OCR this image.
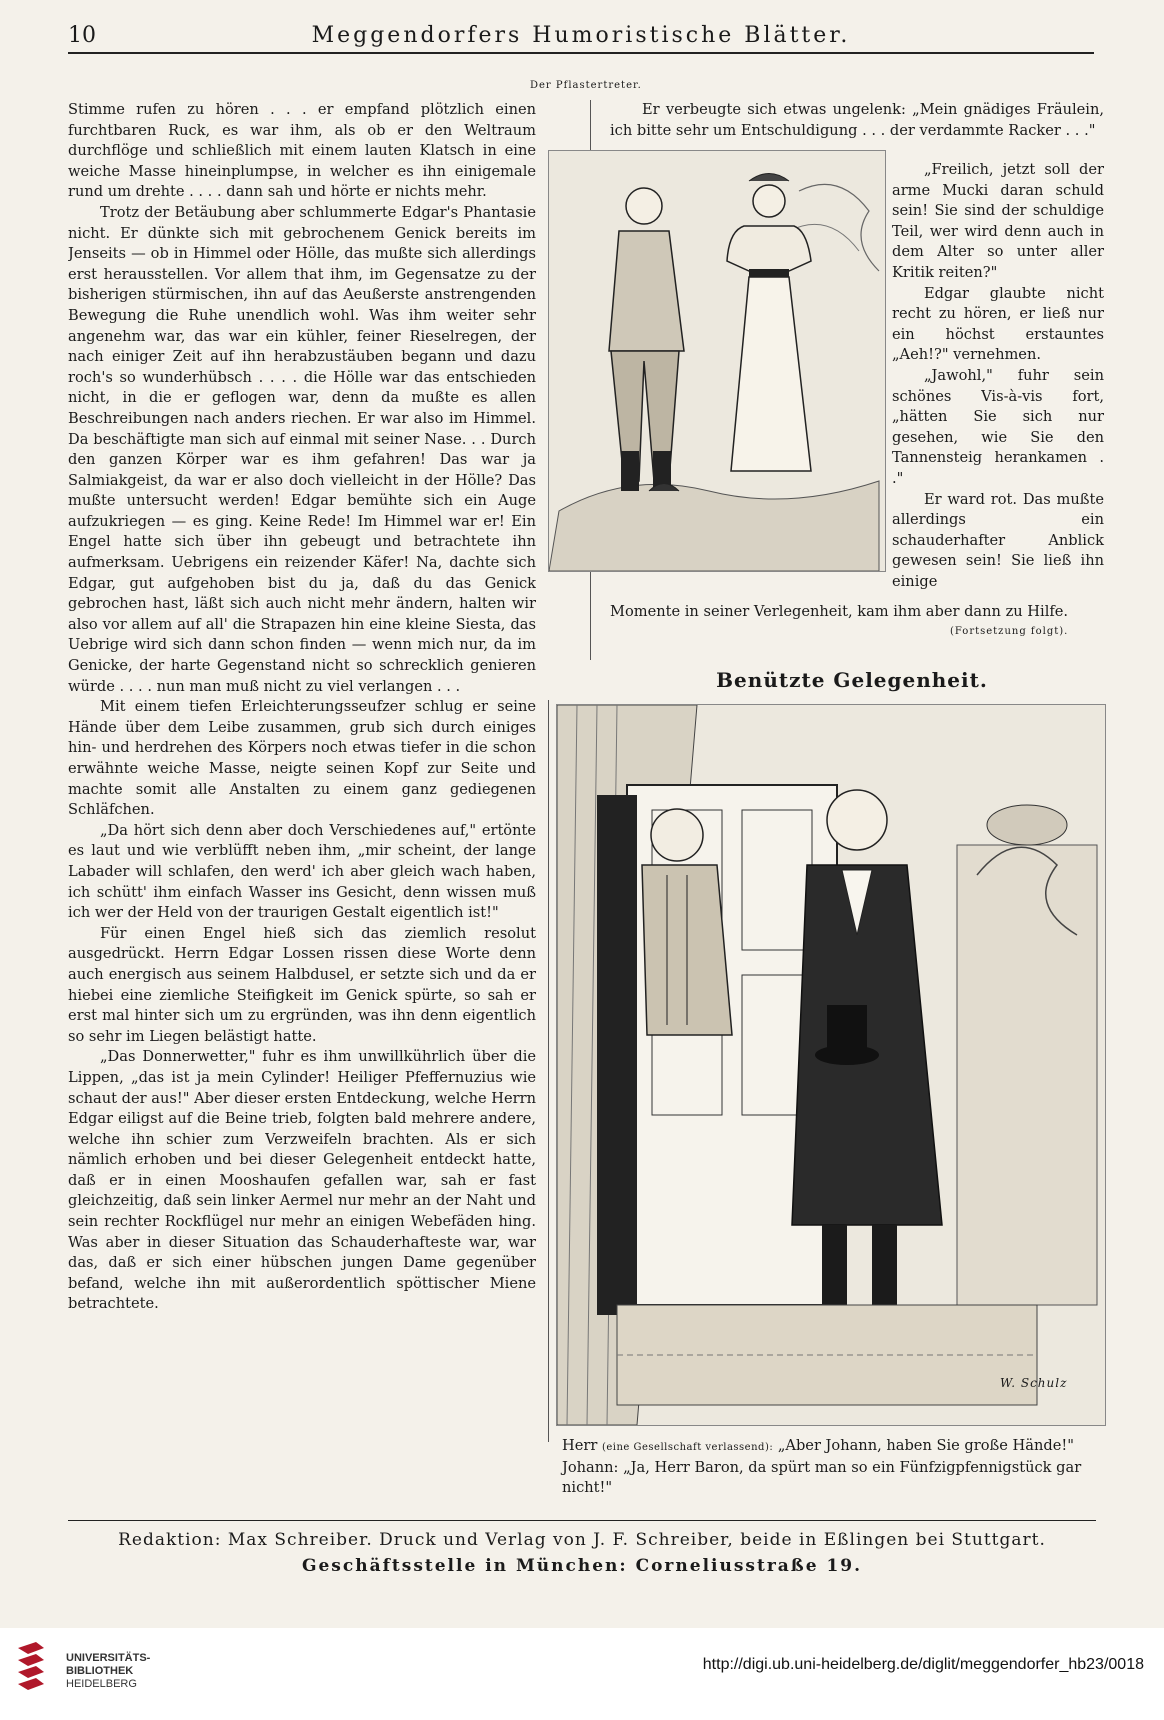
10	Meggendorfers Humoristische Blätter.
Der Pflastertreter.

Stimme rufen zu hören . . . er empfand plötzlich einen furchtbaren Ruck, es war ihm, als ob er den Weltraum durchflöge und schließlich mit einem lauten Klatsch in eine weiche Masse hineinplumpse, in welcher es ihn einigemale rund um drehte . . . . dann sah und hörte er nichts mehr.

Trotz der Betäubung aber schlummerte Edgar's Phantasie nicht. Er dünkte sich mit gebrochenem Genick bereits im Jenseits — ob in Himmel oder Hölle, das mußte sich allerdings erst herausstellen. Vor allem that ihm, im Gegensatze zu der bisherigen stürmischen, ihn auf das Aeußerste anstrengenden Bewegung die Ruhe unendlich wohl. Was ihm weiter sehr angenehm war, das war ein kühler, feiner Rieselregen, der nach einiger Zeit auf ihn herabzustäuben begann und dazu roch's so wunderhübsch . . . . die Hölle war das entschieden nicht, in die er geflogen war, denn da mußte es allen Beschreibungen nach anders riechen. Er war also im Himmel. Da beschäftigte man sich auf einmal mit seiner Nase. . . Durch den ganzen Körper war es ihm gefahren! Das war ja Salmiakgeist, da war er also doch vielleicht in der Hölle? Das mußte untersucht werden! Edgar bemühte sich ein Auge aufzukriegen — es ging. Keine Rede! Im Himmel war er! Ein Engel hatte sich über ihn gebeugt und betrachtete ihn aufmerksam. Uebrigens ein reizender Käfer! Na, dachte sich Edgar, gut aufgehoben bist du ja, daß du das Genick gebrochen hast, läßt sich auch nicht mehr ändern, halten wir also vor allem auf all' die Strapazen hin eine kleine Siesta, das Uebrige wird sich dann schon finden — wenn mich nur, da im Genicke, der harte Gegenstand nicht so schrecklich genieren würde . . . . nun man muß nicht zu viel verlangen . . .

Mit einem tiefen Erleichterungsseufzer schlug er seine Hände über dem Leibe zusammen, grub sich durch einiges hin- und herdrehen des Körpers noch etwas tiefer in die schon erwähnte weiche Masse, neigte seinen Kopf zur Seite und machte somit alle Anstalten zu einem ganz gediegenen Schläfchen.

„Da hört sich denn aber doch Verschiedenes auf," ertönte es laut und wie verblüfft neben ihm, „mir scheint, der lange Labader will schlafen, den werd' ich aber gleich wach haben, ich schütt' ihm einfach Wasser ins Gesicht, denn wissen muß ich wer der Held von der traurigen Gestalt eigentlich ist!"

Für einen Engel hieß sich das ziemlich resolut ausgedrückt. Herrn Edgar Lossen rissen diese Worte denn auch energisch aus seinem Halbdusel, er setzte sich und da er hiebei eine ziemliche Steifigkeit im Genick spürte, so sah er erst mal hinter sich um zu ergründen, was ihn denn eigentlich so sehr im Liegen belästigt hatte.

„Das Donnerwetter," fuhr es ihm unwillkührlich über die Lippen, „das ist ja mein Cylinder! Heiliger Pfeffernuzius wie schaut der aus!" Aber dieser ersten Entdeckung, welche Herrn Edgar eiligst auf die Beine trieb, folgten bald mehrere andere, welche ihn schier zum Verzweifeln brachten. Als er sich nämlich erhoben und bei dieser Gelegenheit entdeckt hatte, daß er in einen Mooshaufen gefallen war, sah er fast gleichzeitig, daß sein linker Aermel nur mehr an der Naht und sein rechter Rockflügel nur mehr an einigen Webefäden hing. Was aber in dieser Situation das Schauderhafteste war, war das, daß er sich einer hübschen jungen Dame gegenüber befand, welche ihn mit außerordentlich spöttischer Miene betrachtete.

Er verbeugte sich etwas ungelenk: „Mein gnädiges Fräulein, ich bitte sehr um Entschuldigung . . . der verdammte Racker . . ."

„Freilich, jetzt soll der arme Mucki daran schuld sein! Sie sind der schuldige Teil, wer wird denn auch in dem Alter so unter aller Kritik reiten?"

Edgar glaubte nicht recht zu hören, er ließ nur ein höchst erstauntes „Aeh!?" vernehmen.

„Jawohl," fuhr sein schönes Vis-à-vis fort, „hätten Sie sich nur gesehen, wie Sie den Tannensteig herankamen . ."

Er ward rot. Das mußte allerdings ein schauderhafter Anblick gewesen sein! Sie ließ ihn einige

Momente in seiner Verlegenheit, kam ihm aber dann zu Hilfe.

(Fortsetzung folgt).
Benützte Gelegenheit.
W. Schulz
Herr (eine Gesellschaft verlassend): „Aber Johann, haben Sie große Hände!"
Johann: „Ja, Herr Baron, da spürt man so ein Fünfzigpfennigstück gar nicht!"
Redaktion: Max Schreiber. Druck und Verlag von J. F. Schreiber, beide in Eßlingen bei Stuttgart.
Geschäftsstelle in München: Corneliusstraße 19.
UNIVERSITÄTS-
BIBLIOTHEK
HEIDELBERG
http://digi.ub.uni-heidelberg.de/diglit/meggendorfer_hb23/0018
